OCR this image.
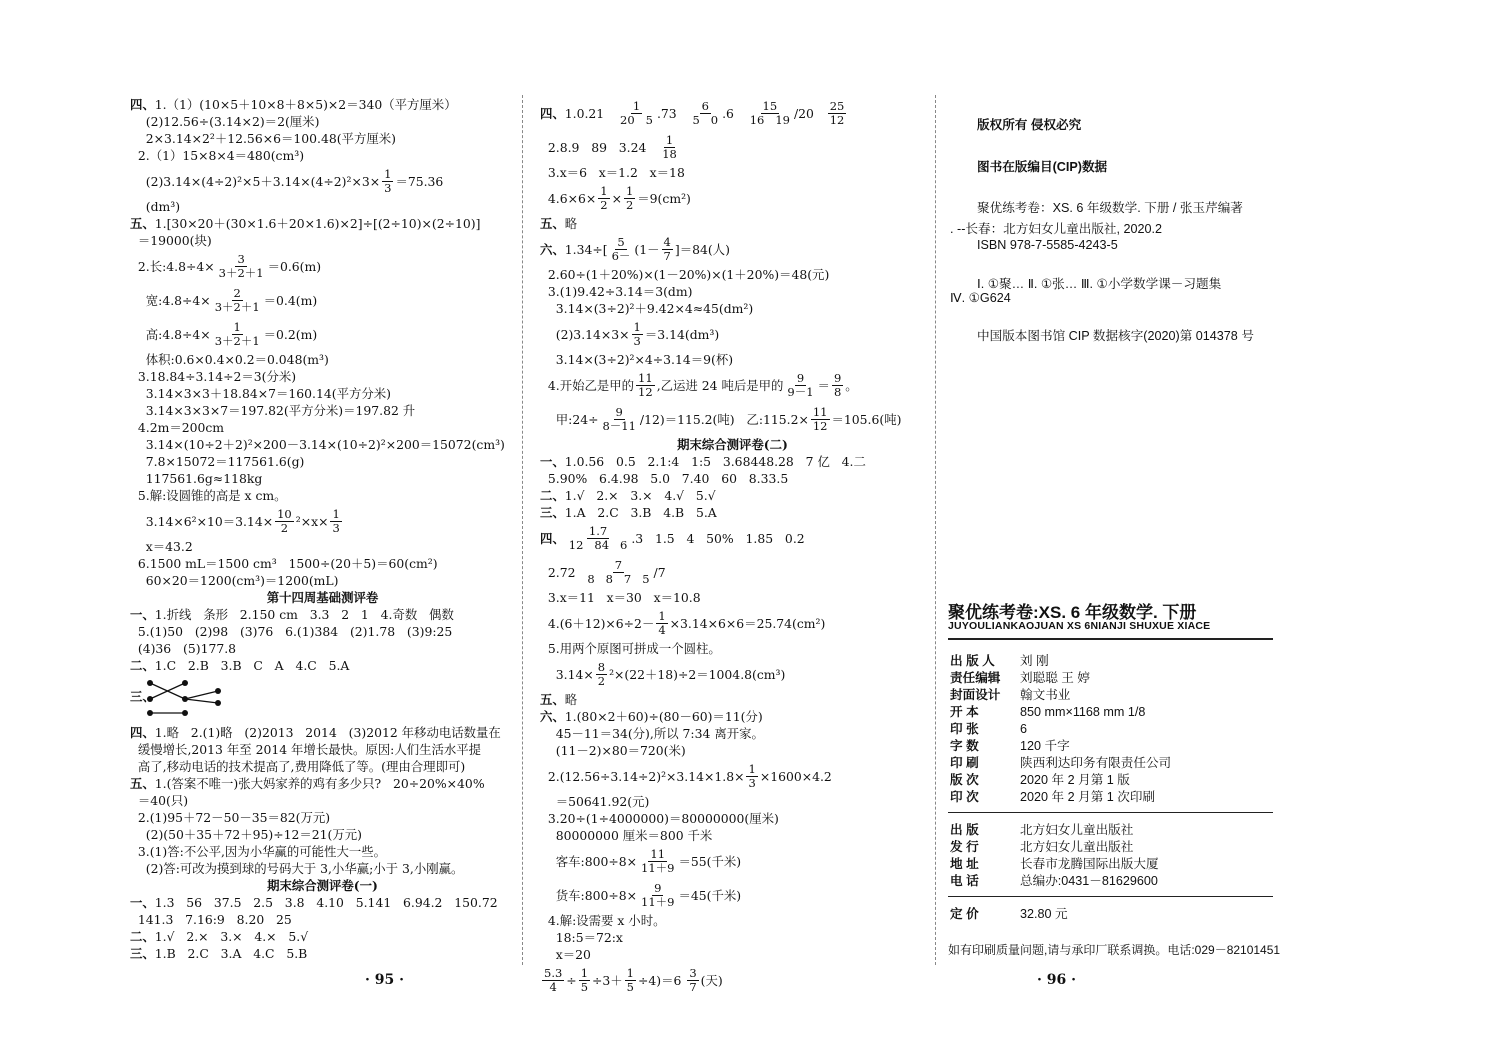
四、1.（1）(10×5＋10×8＋8×5)×2＝340（平方厘米）
(2)12.56÷(3.14×2)＝2(厘米)
2×3.14×2²＋12.56×6＝100.48(平方厘米)
2.（1）15×8×4＝480(cm³)
$(2)3.14\times(4\div 2)^2\times 5+3.14\times(4\div 2)^2\times 3\times \frac{1}{3} =75.36$
(dm³)
五、1.[30×20＋(30×1.6＋20×1.6)×2]÷[(2÷10)×(2÷10)]
＝19000(块)
2.长:4.8÷4× $\frac{3}{3+2+1} =0.6(m)$
宽:4.8÷4× $\frac{2}{3+2+1} =0.4(m)$
高:4.8÷4× $\frac{1}{3+2+1} =0.2(m)$
体积:0.6×0.4×0.2＝0.048(m³)
3.18.84÷3.14÷2＝3(分米)
3.14×3×3＋18.84×7＝160.14(平方分米)
3.14×3×3×7＝197.82(平方分米)＝197.82 升
4.2m＝200cm
3.14×(10÷2＋2)²×200－3.14×(10÷2)²×200＝15072(cm³)
7.8×15072＝117561.6(g)
117561.6g≈118kg
5.解:设圆锥的高是 x cm。
$3.14\times 6^2\times 10=3.14\times \frac{10}{2} ^2\times x\times \frac{1}{3}$
x＝43.2
6.1500 mL＝1500 cm³   1500÷(20＋5)＝60(cm²)
60×20＝1200(cm³)＝1200(mL)
第十四周基础测评卷
一、1.折线   条形   2.150 cm   3.3   2   1   4.奇数   偶数
5.(1)50   (2)98   (3)76   6.(1)384   (2)1.78   (3)9:25
(4)36   (5)177.8
二、1.C   2.B   3.B   C   A   4.C   5.A
四、1.略   2.(1)略   (2)2013   2014   (3)2012 年移动电话数量在
缓慢增长,2013 年至 2014 年增长最快。原因:人们生活水平提
高了,移动电话的技术提高了,费用降低了等。(理由合理即可)
五、1.(答案不唯一)张大妈家养的鸡有多少只?   20÷20%×40%
＝40(只)
2.(1)95＋72－50－35＝82(万元)
(2)(50＋35＋72＋95)÷12＝21(万元)
3.(1)答:不公平,因为小华赢的可能性大一些。
(2)答:可改为摸到球的号码大于 3,小华赢;小于 3,小刚赢。
期末综合测评卷(一)
一、1.3   56   37.5   2.5   3.8   4.10   5.141   6.94.2   150.72
141.3   7.16:9   8.20   25
二、1.√   2.×   3.×   4.×   5.√
三、1.B   2.C   3.A   4.C   5.B
三、
· 95 ·
四、 $1.0.21 \frac{1}{20 5} .73 \frac{6}{5 0} .6 \frac{15}{16 19} /20 \frac{25}{12}$
2.8.9   89   $3.24 \frac{1}{18}$
3.x＝6   x＝1.2   x＝18
$4.6\times 6\times \frac{1}{2} \times \frac{1}{2} =9(cm^2)$
五、略
六、 $1.34\div[ \frac{5}{6-} (1- \frac{4}{7} ]=84$(人)
2.60÷(1＋20%)×(1－20%)×(1＋20%)＝48(元)
3.(1)9.42÷3.14＝3(dm)
3.14×(3÷2)²＋9.42×4≈45(dm²)
$(2)3.14\times 3\times \frac{1}{3} =3.14(dm^3)$
3.14×(3÷2)²×4÷3.14＝9(杯)
4.开始乙是甲的 $\frac{11}{12}$ ,乙运进 24 吨后是甲的 $\frac{9}{9-1} = \frac{9}{8}$ 。
甲:24÷ $\frac{9}{8-11} /12)=115.2$(吨)   乙:115.2× $\frac{11}{12} =105.6$(吨)
期末综合测评卷(二)
一、1.0.56   0.5   2.1:4   1:5   3.68448.28   7 亿   4.二
5.90%   6.4.98   5.0   7.40   60   8.33.5
二、1.√   2.×   3.×   4.√   5.√
三、1.A   2.C   3.B   4.B   5.A
四、 $\frac{1.7}{12 84 6} .3$   1.5   4   50%   1.85   0.2
$2.72 \frac{7}{8 8 7 5} /7$
3.x＝11   x＝30   x＝10.8
$4.(6+12)\times 6\div 2- \frac{1}{4} \times 3.14\times 6\times 6=25.74(cm^2)$
5.用两个原图可拼成一个圆柱。
$3.14\times \frac{8}{2} ^2\times(22+18)\div 2=1004.8(cm^3)$
五、略
六、1.(80×2＋60)÷(80－60)＝11(分)
45－11＝34(分),所以 7:34 离开家。
(11－2)×80＝720(米)
$2.(12.56\div 3.14\div 2)^2\times 3.14\times 1.8\times \frac{1}{3} \times 1600\times 4.2$
＝50641.92(元)
3.20÷(1÷4000000)＝80000000(厘米)
80000000 厘米＝800 千米
客车:800÷8× $\frac{11}{11+9} =55$(千米)
货车:800÷8× $\frac{9}{11+9} =45$(千米)
4.解:设需要 x 小时。
18:5＝72:x
x＝20
$\frac{5.3}{4} \div \frac{1}{5} \div 3+ \frac{1}{5} \div 4)=6 \frac{3}{7}$ (天)
版权所有 侵权必究
图书在版编目(CIP)数据
聚优练考卷：XS. 6 年级数学. 下册 / 张玉芹编著
. --长春：北方妇女儿童出版社, 2020.2
ISBN 978-7-5585-4243-5
Ⅰ. ①聚… Ⅱ. ①张… Ⅲ. ①小学数学课－习题集
Ⅳ. ①G624
中国版本图书馆 CIP 数据核字(2020)第 014378 号
聚优练考卷:XS. 6 年级数学. 下册
JUYOULIANKAOJUAN XS 6NIANJI SHUXUE XIACE
出 版 人	刘 刚
责任编辑	刘聪聪 王 婷
封面设计	翰文书业
开 本	850 mm×1168 mm 1/8
印 张	6
字 数	120 千字
印 刷	陕西利达印务有限责任公司
版 次	2020 年 2 月第 1 版
印 次	2020 年 2 月第 1 次印刷
出 版	北方妇女儿童出版社
发 行	北方妇女儿童出版社
地 址	长春市龙腾国际出版大厦
电 话	总编办:0431－81629600
定 价	32.80 元
如有印刷质量问题,请与承印厂联系调换。电话:029－82101451
· 96 ·
